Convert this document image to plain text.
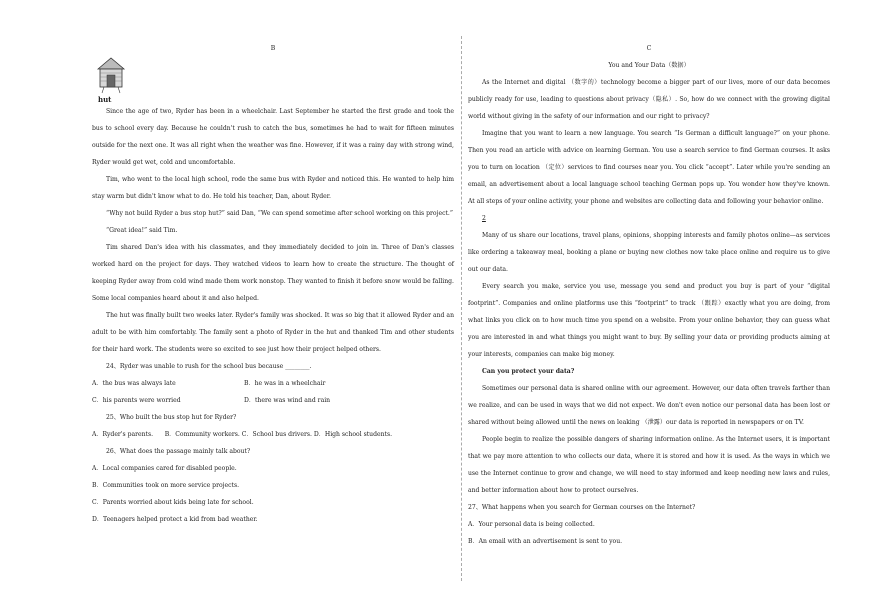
B
hut

Since the age of two, Ryder has been in a wheelchair. Last September he started the first grade and took the bus to school every day. Because he couldn't rush to catch the bus, sometimes he had to wait for fifteen minutes outside for the next one. It was all right when the weather was fine. However, if it was a rainy day with strong wind, Ryder would get wet, cold and uncomfortable.

Tim, who went to the local high school, rode the same bus with Ryder and noticed this. He wanted to help him stay warm but didn't know what to do. He told his teacher, Dan, about Ryder.

“Why not build Ryder a bus stop hut?” said Dan, “We can spend sometime after school working on this project.”

“Great idea!” said Tim.

Tim shared Dan's idea with his classmates, and they immediately decided to join in. Three of Dan's classes worked hard on the project for days. They watched videos to learn how to create the structure. The thought of keeping Ryder away from cold wind made them work nonstop. They wanted to finish it before snow would be falling. Some local companies heard about it and also helped.

The hut was finally built two weeks later. Ryder's family was shocked. It was so big that it allowed Ryder and an adult to be with him comfortably. The family sent a photo of Ryder in the hut and thanked Tim and other students for their hard work. The students were so excited to see just how their project helped others.

24、Ryder was unable to rush for the school bus because ________.

A．the bus was always late	B．he was in a wheelchair

C．his parents were worried	D．there was wind and rain

25、Who built the bus stop hut for Ryder?

A．Ryder's parents.      B．Community workers. C．School bus drivers. D．High school students.

26、What does the passage mainly talk about?

A．Local companies cared for disabled people.

B．Communities took on more service projects.

C．Parents worried about kids being late for school.

D．Teenagers helped protect a kid from bad weather.

C
You and Your Data（数据）

As the Internet and digital （数字的）technology become a bigger part of our lives, more of our data becomes publicly ready for use, leading to questions about privacy（隐私）. So, how do we connect with the growing digital world without giving in the safety of our information and our right to privacy?

Imagine that you want to learn a new language. You search “Is German a difficult language?” on your phone. Then you read an article with advice on learning German. You use a search service to find German courses. It asks you to turn on location （定位）services to find courses near you. You click “accept”. Later while you're sending an email, an advertisement about a local language school teaching German pops up. You wonder how they've known. At all steps of your online activity, your phone and websites are collecting data and following your behavior online.

2

Many of us share our locations, travel plans, opinions, shopping interests and family photos online—as services like ordering a takeaway meal, booking a plane or buying new clothes now take place online and require us to give out our data.

Every search you make, service you use, message you send and product you buy is part of your “digital footprint”. Companies and online platforms use this “footprint” to track （跟踪）exactly what you are doing, from what links you click on to how much time you spend on a website. From your online behavior, they can guess what you are interested in and what things you might want to buy. By selling your data or providing products aiming at your interests, companies can make big money.

Can you protect your data?

Sometimes our personal data is shared online with our agreement. However, our data often travels farther than we realize, and can be used in ways that we did not expect. We don't even notice our personal data has been lost or shared without being allowed until the news on leaking （泄露）our data is reported in newspapers or on TV.

People begin to realize the possible dangers of sharing information online. As the Internet users, it is important that we pay more attention to who collects our data, where it is stored and how it is used. As the ways in which we use the Internet continue to grow and change, we will need to stay informed and keep needing new laws and rules, and better information about how to protect ourselves.

27、What happens when you search for German courses on the Internet?

A．Your personal data is being collected.

B．An email with an advertisement is sent to you.
